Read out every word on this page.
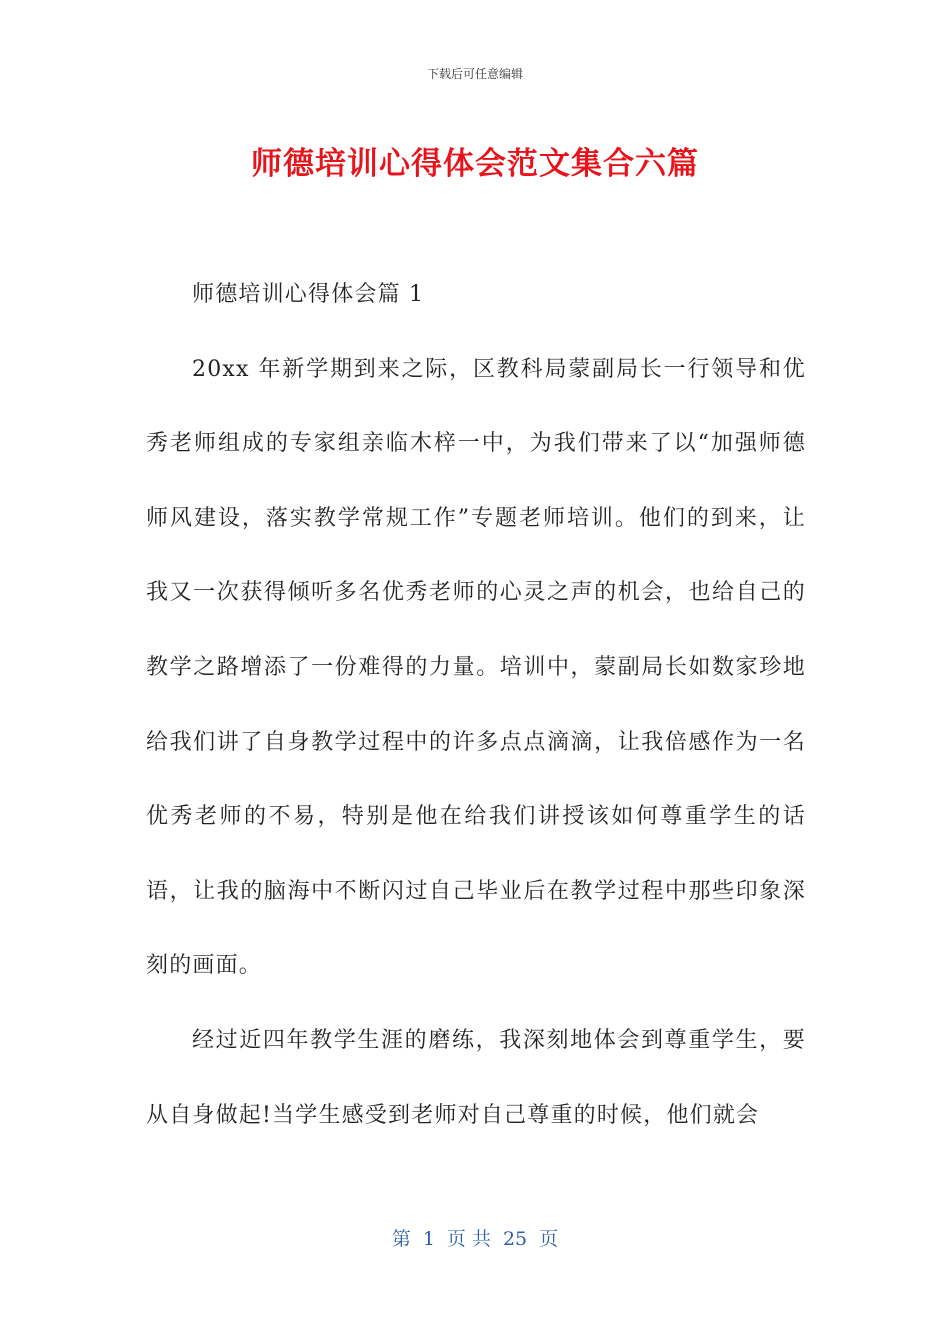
下载后可任意编辑
师德培训心得体会范文集合六篇

师德培训心得体会篇 1

20xx 年新学期到来之际，区教科局蒙副局长一行领导和优秀老师组成的专家组亲临木梓一中，为我们带来了以“加强师德师风建设，落实教学常规工作”专题老师培训。他们的到来，让我又一次获得倾听多名优秀老师的心灵之声的机会，也给自己的教学之路增添了一份难得的力量。培训中，蒙副局长如数家珍地给我们讲了自身教学过程中的许多点点滴滴，让我倍感作为一名优秀老师的不易，特别是他在给我们讲授该如何尊重学生的话语，让我的脑海中不断闪过自己毕业后在教学过程中那些印象深刻的画面。

经过近四年教学生涯的磨练，我深刻地体会到尊重学生，要从自身做起!当学生感受到老师对自己尊重的时候，他们就会

第 1 页 共 25 页
